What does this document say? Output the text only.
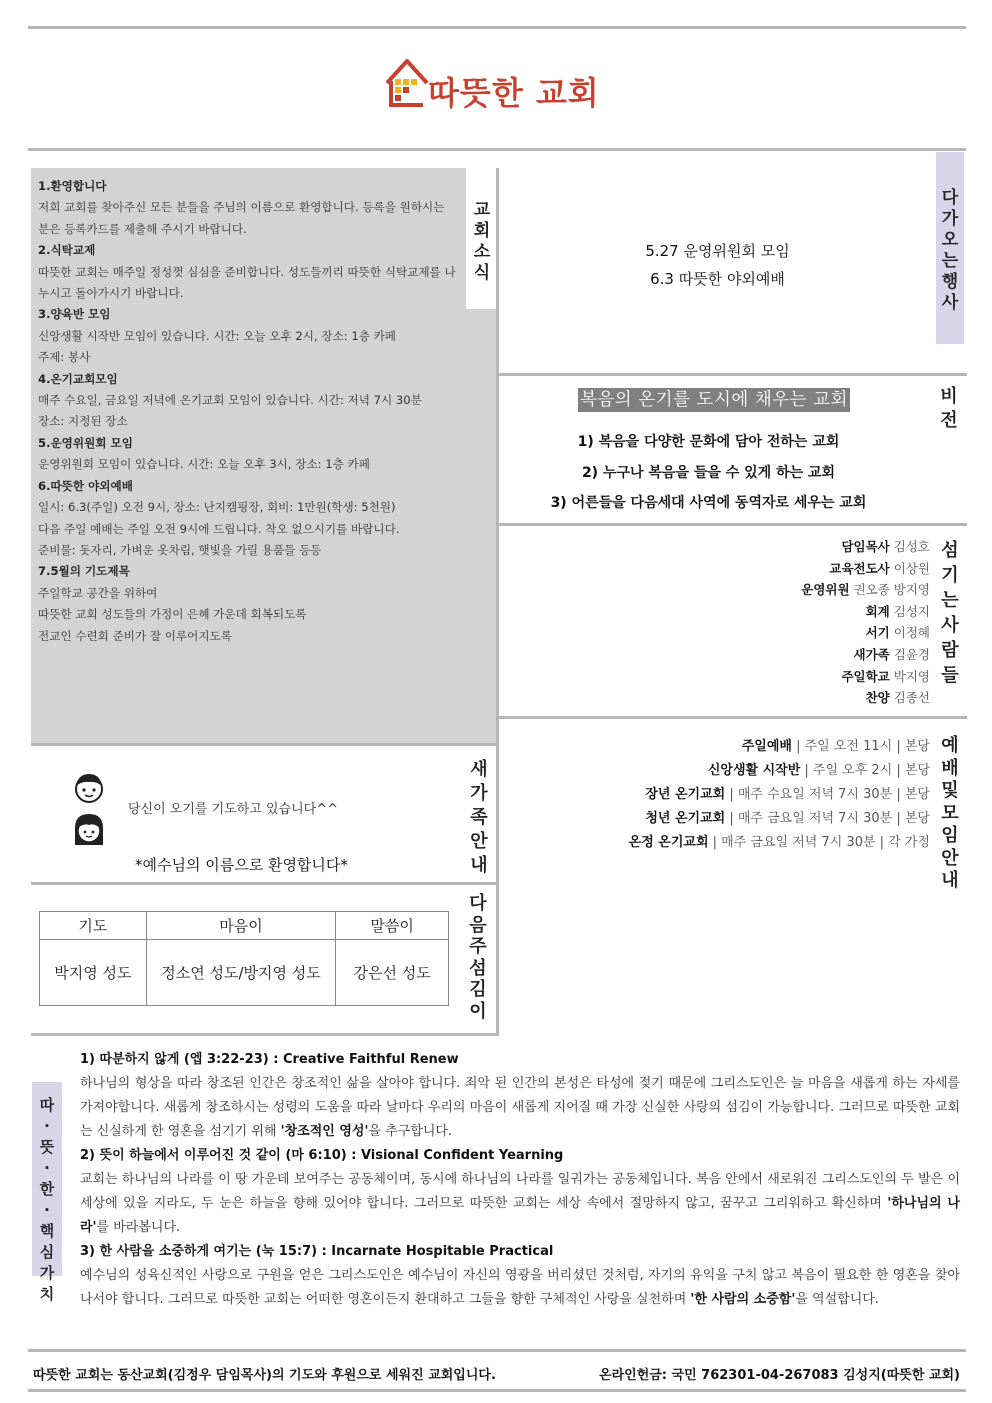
따뜻한 교회
1.환영합니다
저희 교회를 찾아주신 모든 분들을 주님의 이름으로 환영합니다. 등록을 원하시는 분은 등록카드를 제출해 주시기 바랍니다.
2.식탁교제
따뜻한 교회는 매주일 정성껏 심심을 준비합니다. 성도들끼리 따뜻한 식탁교제를 나누시고 돌아가시기 바랍니다.
3.양육반 모임
신앙생활 시작반 모임이 있습니다. 시간: 오늘 오후 2시, 장소: 1층 카페
주제: 봉사
4.온기교회모임
매주 수요일, 금요일 저녁에 온기교회 모임이 있습니다. 시간: 저녁 7시 30분
장소: 지정된 장소
5.운영위원회 모임
운영위원회 모임이 있습니다. 시간: 오늘 오후 3시, 장소: 1층 카페
6.따뜻한 야외예배
일시: 6.3(주일) 오전 9시, 장소: 난지캠핑장, 회비: 1만원(학생: 5천원)
다음 주일 예배는 주일 오전 9시에 드립니다. 착오 없으시기를 바랍니다.
준비물: 돗자리, 가벼운 옷차림, 햇빛을 가릴 용품들 등등
7.5월의 기도제목
주일학교 공간을 위하여
따뜻한 교회 성도들의 가정이 은혜 가운데 회복되도록
전교인 수련회 준비가 잘 이루어지도록
교
회
소
식
5.27 운영위원회 모임
6.3 따뜻한 야외예배
다
가
오
는
행
사
복음의 온기를 도시에 채우는 교회
1) 복음을 다양한 문화에 담아 전하는 교회
2) 누구나 복음을 들을 수 있게 하는 교회
3) 어른들을 다음세대 사역에 동역자로 세우는 교회
비
전
담임목사 김성호
교육전도사 이상원
운영위원 권오종 방지영
회계 김성지
서기 이정혜
새가족 김윤경
주일학교 박지영
찬양 김종선
섬
기
는
사
람
들
주일예배 | 주일 오전 11시 | 본당
신앙생활 시작반 | 주일 오후 2시 | 본당
장년 온기교회 | 매주 수요일 저녁 7시 30분 | 본당
청년 온기교회 | 매주 금요일 저녁 7시 30분 | 본당
온정 온기교회 | 매주 금요일 저녁 7시 30분 | 각 가정
예
배
및
모
임
안
내
당신이 오기를 기도하고 있습니다^^
*예수님의 이름으로 환영합니다*
새
가
족
안
내
기도	마음이	말씀이
박지영 성도	정소연 성도/방지영 성도	강은선 성도
다
음
주
섬
김
이
따
·
뜻
·
한
·
핵
심
가
치
1) 따분하지 않게 (엡 3:22-23) : Creative Faithful Renew

하나님의 형상을 따라 창조된 인간은 창조적인 삶을 살아야 합니다. 죄악 된 인간의 본성은 타성에 젖기 때문에 그리스도인은 늘 마음을 새롭게 하는 자세를 가져야합니다. 새롭게 창조하시는 성령의 도움을 따라 날마다 우리의 마음이 새롭게 지어질 때 가장 신실한 사랑의 섬김이 가능합니다. 그러므로 따뜻한 교회는 신실하게 한 영혼을 섬기기 위해 '창조적인 영성'을 추구합니다.

2) 뜻이 하늘에서 이루어진 것 같이 (마 6:10) : Visional Confident Yearning

교회는 하나님의 나라를 이 땅 가운데 보여주는 공동체이며, 동시에 하나님의 나라를 일궈가는 공동체입니다. 복음 안에서 새로워진 그리스도인의 두 발은 이 세상에 있을 지라도, 두 눈은 하늘을 향해 있어야 합니다. 그러므로 따뜻한 교회는 세상 속에서 절망하지 않고, 꿈꾸고 그리워하고 확신하며 '하나님의 나라'를 바라봅니다.

3) 한 사람을 소중하게 여기는 (눅 15:7) : Incarnate Hospitable Practical

예수님의 성육신적인 사랑으로 구원을 얻은 그리스도인은 예수님이 자신의 영광을 버리셨던 것처럼, 자기의 유익을 구치 않고 복음이 필요한 한 영혼을 찾아 나서야 합니다. 그러므로 따뜻한 교회는 어떠한 영혼이든지 환대하고 그들을 향한 구체적인 사랑을 실천하며 '한 사람의 소중함'을 역설합니다.

따뜻한 교회는 동산교회(김정우 담임목사)의 기도와 후원으로 세워진 교회입니다.	온라인헌금: 국민 762301-04-267083 김성지(따뜻한 교회)
